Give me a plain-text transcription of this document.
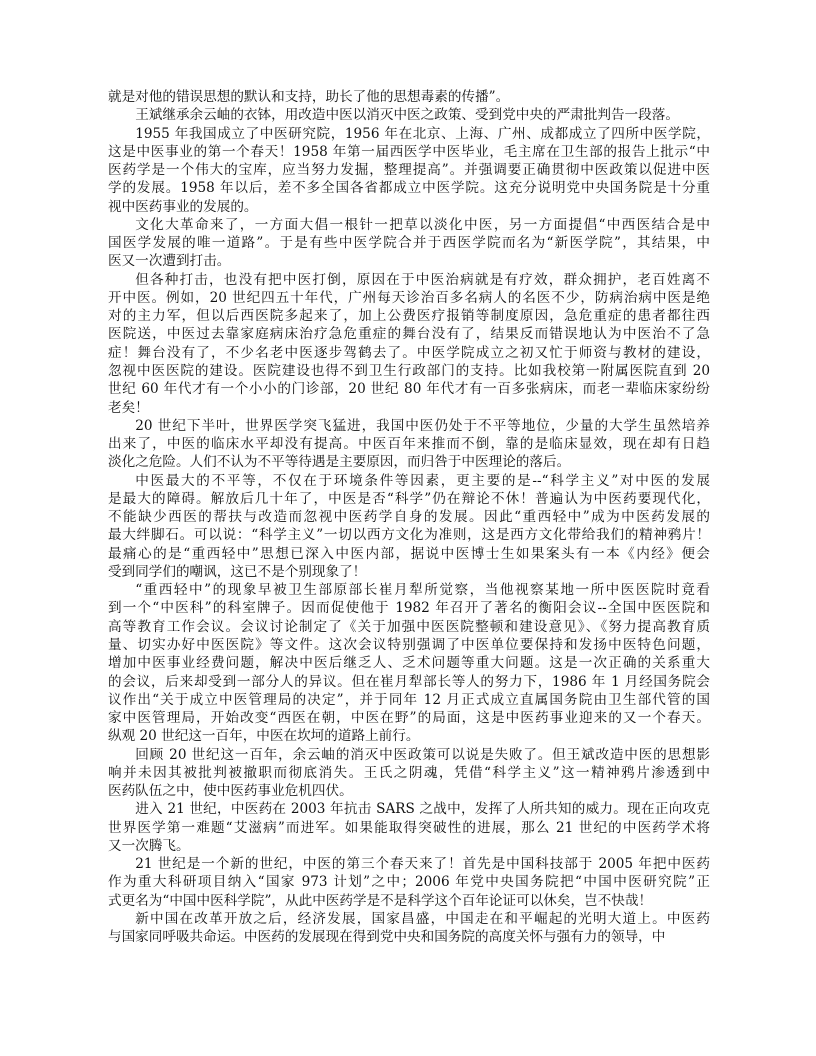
就是对他的错误思想的默认和支持，助长了他的思想毒素的传播”。

王斌继承余云岫的衣钵，用改造中医以消灭中医之政策、受到党中央的严肃批判告一段落。

1955 年我国成立了中医研究院，1956 年在北京、上海、广州、成都成立了四所中医学院，
这是中医事业的第一个春天！1958 年第一届西医学中医毕业，毛主席在卫生部的报告上批示“中
医药学是一个伟大的宝库，应当努力发掘，整理提高”。并强调要正确贯彻中医政策以促进中医
学的发展。1958 年以后，差不多全国各省都成立中医学院。这充分说明党中央国务院是十分重
视中医药事业的发展的。

文化大革命来了，一方面大倡一根针一把草以淡化中医，另一方面提倡“中西医结合是中
国医学发展的唯一道路”。于是有些中医学院合并于西医学院而名为“新医学院”，其结果，中
医又一次遭到打击。

但各种打击，也没有把中医打倒，原因在于中医治病就是有疗效，群众拥护，老百姓离不
开中医。例如，20 世纪四五十年代，广州每天诊治百多名病人的名医不少，防病治病中医是绝
对的主力军，但以后西医院多起来了，加上公费医疗报销等制度原因，急危重症的患者都往西
医院送，中医过去靠家庭病床治疗急危重症的舞台没有了，结果反而错误地认为中医治不了急
症！舞台没有了，不少名老中医逐步驾鹤去了。中医学院成立之初又忙于师资与教材的建设，
忽视中医医院的建设。医院建设也得不到卫生行政部门的支持。比如我校第一附属医院直到 20
世纪 60 年代才有一个小小的门诊部，20 世纪 80 年代才有一百多张病床，而老一辈临床家纷纷
老矣！

20 世纪下半叶，世界医学突飞猛进，我国中医仍处于不平等地位，少量的大学生虽然培养
出来了，中医的临床水平却没有提高。中医百年来推而不倒，靠的是临床显效，现在却有日趋
淡化之危险。人们不认为不平等待遇是主要原因，而归咎于中医理论的落后。

中医最大的不平等，不仅在于环境条件等因素，更主要的是--“科学主义”对中医的发展
是最大的障碍。解放后几十年了，中医是否“科学”仍在辩论不休！普遍认为中医药要现代化，
不能缺少西医的帮扶与改造而忽视中医药学自身的发展。因此“重西轻中”成为中医药发展的
最大绊脚石。可以说：“科学主义”一切以西方文化为准则，这是西方文化带给我们的精神鸦片！
最痛心的是“重西轻中”思想已深入中医内部，据说中医博士生如果案头有一本《内经》便会
受到同学们的嘲讽，这已不是个别现象了！

“重西轻中”的现象早被卫生部原部长崔月犁所觉察，当他视察某地一所中医医院时竟看
到一个“中医科”的科室牌子。因而促使他于 1982 年召开了著名的衡阳会议--全国中医医院和
高等教育工作会议。会议讨论制定了《关于加强中医医院整顿和建设意见》、《努力提高教育质
量、切实办好中医医院》等文件。这次会议特别强调了中医单位要保持和发扬中医特色问题，
增加中医事业经费问题，解决中医后继乏人、乏术问题等重大问题。这是一次正确的关系重大
的会议，后来却受到一部分人的异议。但在崔月犁部长等人的努力下，1986 年 1 月经国务院会
议作出“关于成立中医管理局的决定”，并于同年 12 月正式成立直属国务院由卫生部代管的国
家中医管理局，开始改变“西医在朝，中医在野”的局面，这是中医药事业迎来的又一个春天。
纵观 20 世纪这一百年，中医在坎坷的道路上前行。

回顾 20 世纪这一百年，余云岫的消灭中医政策可以说是失败了。但王斌改造中医的思想影
响并未因其被批判被撤职而彻底消失。王氏之阴魂，凭借“科学主义”这一精神鸦片渗透到中
医药队伍之中，使中医药事业危机四伏。

进入 21 世纪，中医药在 2003 年抗击 SARS 之战中，发挥了人所共知的威力。现在正向攻克
世界医学第一难题“艾滋病”而进军。如果能取得突破性的进展，那么 21 世纪的中医药学术将
又一次腾飞。

21 世纪是一个新的世纪，中医的第三个春天来了！首先是中国科技部于 2005 年把中医药
作为重大科研项目纳入“国家 973 计划”之中；2006 年党中央国务院把“中国中医研究院”正
式更名为“中国中医科学院”，从此中医药学是不是科学这个百年论证可以休矣，岂不快哉！

新中国在改革开放之后，经济发展，国家昌盛，中国走在和平崛起的光明大道上。中医药
与国家同呼吸共命运。中医药的发展现在得到党中央和国务院的高度关怀与强有力的领导，中
